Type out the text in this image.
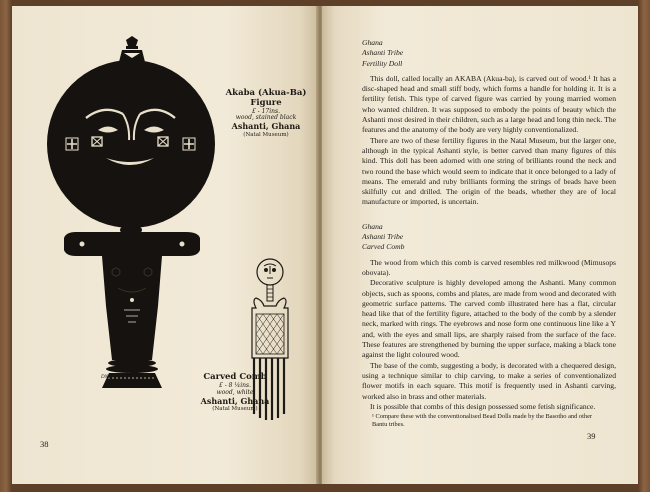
Akaba (Akua-Ba) Figure
£ - 17ins.
wood, stained black
Ashanti, Ghana
(Natal Museum)
DNL	Carved Comb
£ - 8 ¼ins.
wood, white
Ashanti, Ghana
(Natal Museum)
38
Ghana
Ashanti Tribe
Fertility Doll

This doll, called locally an AKABA (Akua-ba), is carved out of wood.¹ It has a disc-shaped head and small stiff body, which forms a handle for holding it. It is a fertility fetish. This type of carved figure was carried by young married women who wanted children. It was supposed to embody the points of beauty which the Ashanti most desired in their children, such as a large head and long thin neck. The features and the anatomy of the body are very highly conventionalized.

There are two of these fertility figures in the Natal Museum, but the larger one, although in the typical Ashanti style, is better carved than many figures of this kind. This doll has been adorned with one string of brilliants round the neck and two round the base which would seem to indicate that it once belonged to a lady of means. The emerald and ruby brilliants forming the strings of beads have been skilfully cut and drilled. The origin of the beads, whether they are of local manufacture or imported, is uncertain.

Ghana
Ashanti Tribe
Carved Comb

The wood from which this comb is carved resembles red milkwood (Mimusops obovata).

Decorative sculpture is highly developed among the Ashanti. Many common objects, such as spoons, combs and plates, are made from wood and decorated with geometric surface patterns. The carved comb illustrated here has a flat, circular head like that of the fertility figure, attached to the body of the comb by a slender neck, marked with rings. The eyebrows and nose form one continuous line like a Y and, with the eyes and small lips, are sharply raised from the surface of the face. These features are strengthened by burning the upper surface, making a black tone against the light coloured wood.

The base of the comb, suggesting a body, is decorated with a chequered design, using a technique similar to chip carving, to make a series of conventionalized flower motifs in each square. This motif is frequently used in Ashanti carving, worked also in brass and other materials.

It is possible that combs of this design possessed some fetish significance.

¹ Compare these with the conventionalised Bead Dolls made by the Basotho and other Bantu tribes.
39
